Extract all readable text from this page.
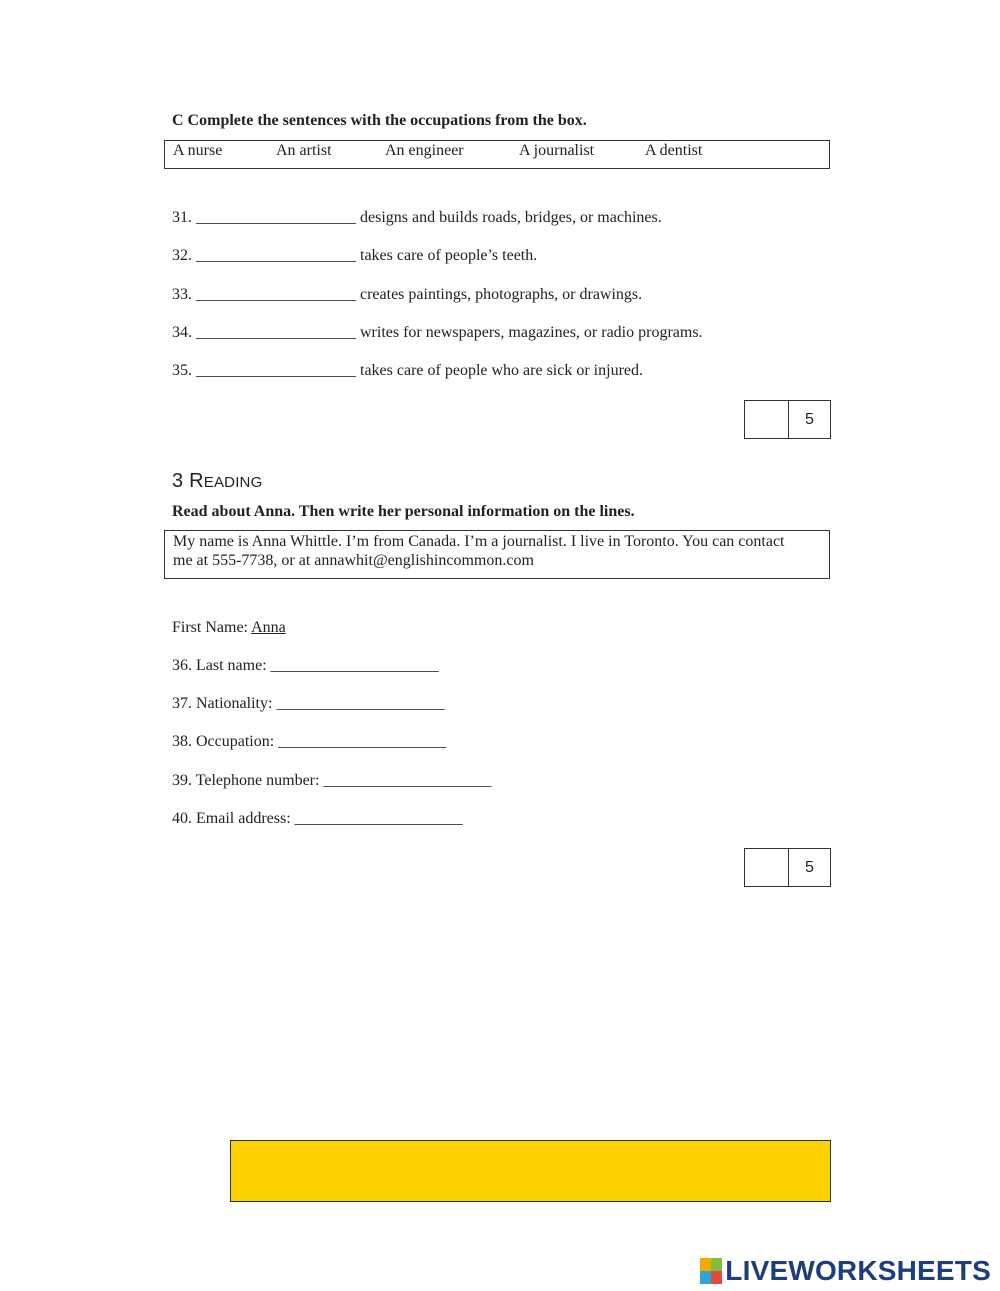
C Complete the sentences with the occupations from the box.
A nurse	An artist	An engineer	A journalist	A dentist
31. ____________________ designs and builds roads, bridges, or machines.
32. ____________________ takes care of people’s teeth.
33. ____________________ creates paintings, photographs, or drawings.
34. ____________________ writes for newspapers, magazines, or radio programs.
35. ____________________ takes care of people who are sick or injured.
5
3 READING
Read about Anna. Then write her personal information on the lines.
My name is Anna Whittle. I’m from Canada. I’m a journalist. I live in Toronto. You can contact
me at 555-7738, or at annawhit@englishincommon.com
First Name: Anna
36. Last name: _____________________
37. Nationality: _____________________
38. Occupation: _____________________
39. Telephone number: _____________________
40. Email address: _____________________
5
LIVEWORKSHEETS
